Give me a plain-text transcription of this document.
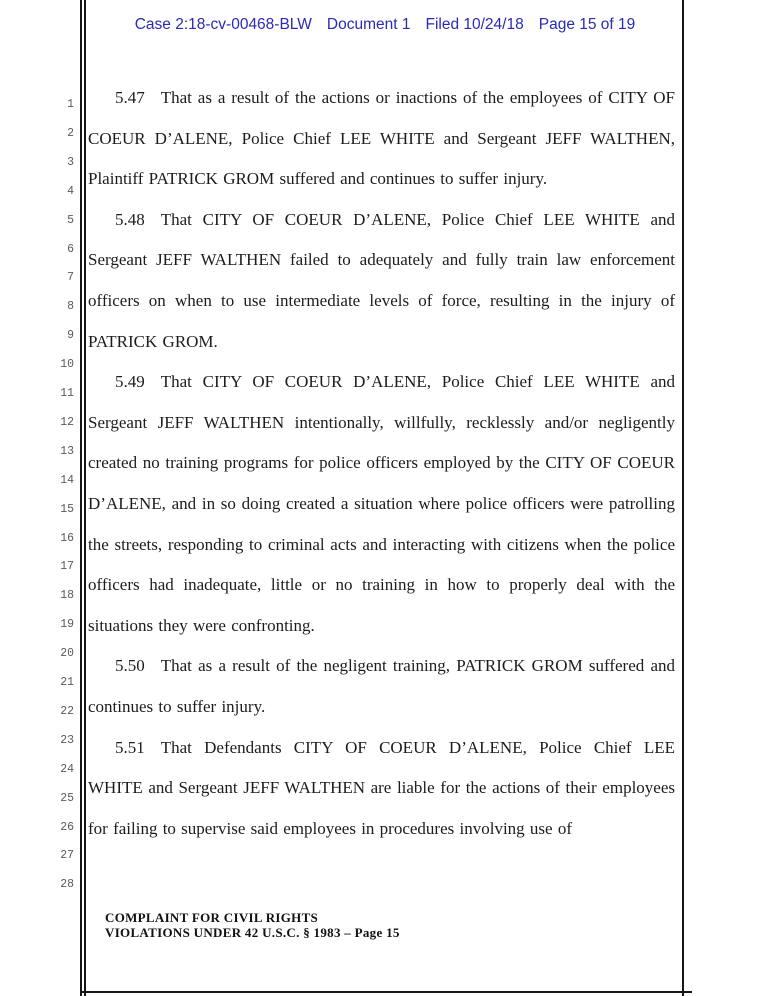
Case 2:18-cv-00468-BLW Document 1 Filed 10/24/18 Page 15 of 19
1
2
3
4
5
6
7
8
9
10
11
12
13
14
15
16
17
18
19
20
21
22
23
24
25
26
27
28

5.47 That as a result of the actions or inactions of the employees of CITY OF COEUR D’ALENE, Police Chief LEE WHITE and Sergeant JEFF WALTHEN, Plaintiff PATRICK GROM suffered and continues to suffer injury.

5.48 That CITY OF COEUR D’ALENE, Police Chief LEE WHITE and Sergeant JEFF WALTHEN failed to adequately and fully train law enforcement officers on when to use intermediate levels of force, resulting in the injury of PATRICK GROM.

5.49 That CITY OF COEUR D’ALENE, Police Chief LEE WHITE and Sergeant JEFF WALTHEN intentionally, willfully, recklessly and/or negligently created no training programs for police officers employed by the CITY OF COEUR D’ALENE, and in so doing created a situation where police officers were patrolling the streets, responding to criminal acts and interacting with citizens when the police officers had inadequate, little or no training in how to properly deal with the situations they were confronting.

5.50 That as a result of the negligent training, PATRICK GROM suffered and continues to suffer injury.

5.51 That Defendants CITY OF COEUR D’ALENE, Police Chief LEE WHITE and Sergeant JEFF WALTHEN are liable for the actions of their employees for failing to supervise said employees in procedures involving use of

COMPLAINT FOR CIVIL RIGHTS
VIOLATIONS UNDER 42 U.S.C. § 1983 – Page 15
